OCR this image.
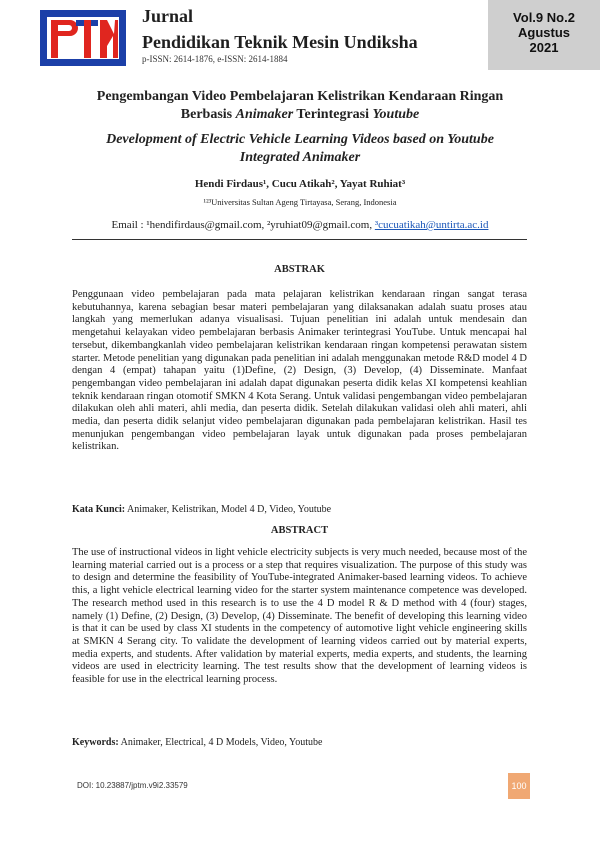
Jurnal
Pendidikan Teknik Mesin Undiksha
p-ISSN: 2614-1876, e-ISSN: 2614-1884
Vol.9 No.2
Agustus
2021
Pengembangan Video Pembelajaran Kelistrikan Kendaraan Ringan
Berbasis Animaker Terintegrasi Youtube
Development of Electric Vehicle Learning Videos based on Youtube
Integrated Animaker
Hendi Firdaus¹, Cucu Atikah², Yayat Ruhiat³
¹²³Universitas Sultan Ageng Tirtayasa, Serang, Indonesia
Email : ¹hendifirdaus@gmail.com, ²yruhiat09@gmail.com, ³cucuatikah@untirta.ac.id
ABSTRAK
Penggunaan video pembelajaran pada mata pelajaran kelistrikan kendaraan ringan sangat terasa kebutuhannya, karena sebagian besar materi pembelajaran yang dilaksanakan adalah suatu proses atau langkah yang memerlukan adanya visualisasi. Tujuan penelitian ini adalah untuk mendesain dan mengetahui kelayakan video pembelajaran berbasis Animaker terintegrasi YouTube. Untuk mencapai hal tersebut, dikembangkanlah video pembelajaran kelistrikan kendaraan ringan kompetensi perawatan sistem starter. Metode penelitian yang digunakan pada penelitian ini adalah menggunakan metode R&D model 4 D dengan 4 (empat) tahapan yaitu (1)Define, (2) Design, (3) Develop, (4) Disseminate. Manfaat pengembangan video pembelajaran ini adalah dapat digunakan peserta didik kelas XI kompetensi keahlian teknik kendaraan ringan otomotif SMKN 4 Kota Serang. Untuk validasi pengembangan video pembelajaran dilakukan oleh ahli materi, ahli media, dan peserta didik. Setelah dilakukan validasi oleh ahli materi, ahli media, dan peserta didik selanjut video pembelajaran digunakan pada pembelajaran kelistrikan. Hasil tes menunjukan pengembangan video pembelajaran layak untuk digunakan pada proses pembelajaran kelistrikan.
Kata Kunci: Animaker, Kelistrikan, Model 4 D, Video, Youtube
ABSTRACT
The use of instructional videos in light vehicle electricity subjects is very much needed, because most of the learning material carried out is a process or a step that requires visualization. The purpose of this study was to design and determine the feasibility of YouTube-integrated Animaker-based learning videos. To achieve this, a light vehicle electrical learning video for the starter system maintenance competence was developed. The research method used in this research is to use the 4 D model R & D method with 4 (four) stages, namely (1) Define, (2) Design, (3) Develop, (4) Disseminate. The benefit of developing this learning video is that it can be used by class XI students in the competency of automotive light vehicle engineering skills at SMKN 4 Serang city. To validate the development of learning videos carried out by material experts, media experts, and students. After validation by material experts, media experts, and students, the learning videos are used in electricity learning. The test results show that the development of learning videos is feasible for use in the electrical learning process.
Keywords: Animaker, Electrical, 4 D Models, Video, Youtube
DOI: 10.23887/jptm.v9i2.33579	100
